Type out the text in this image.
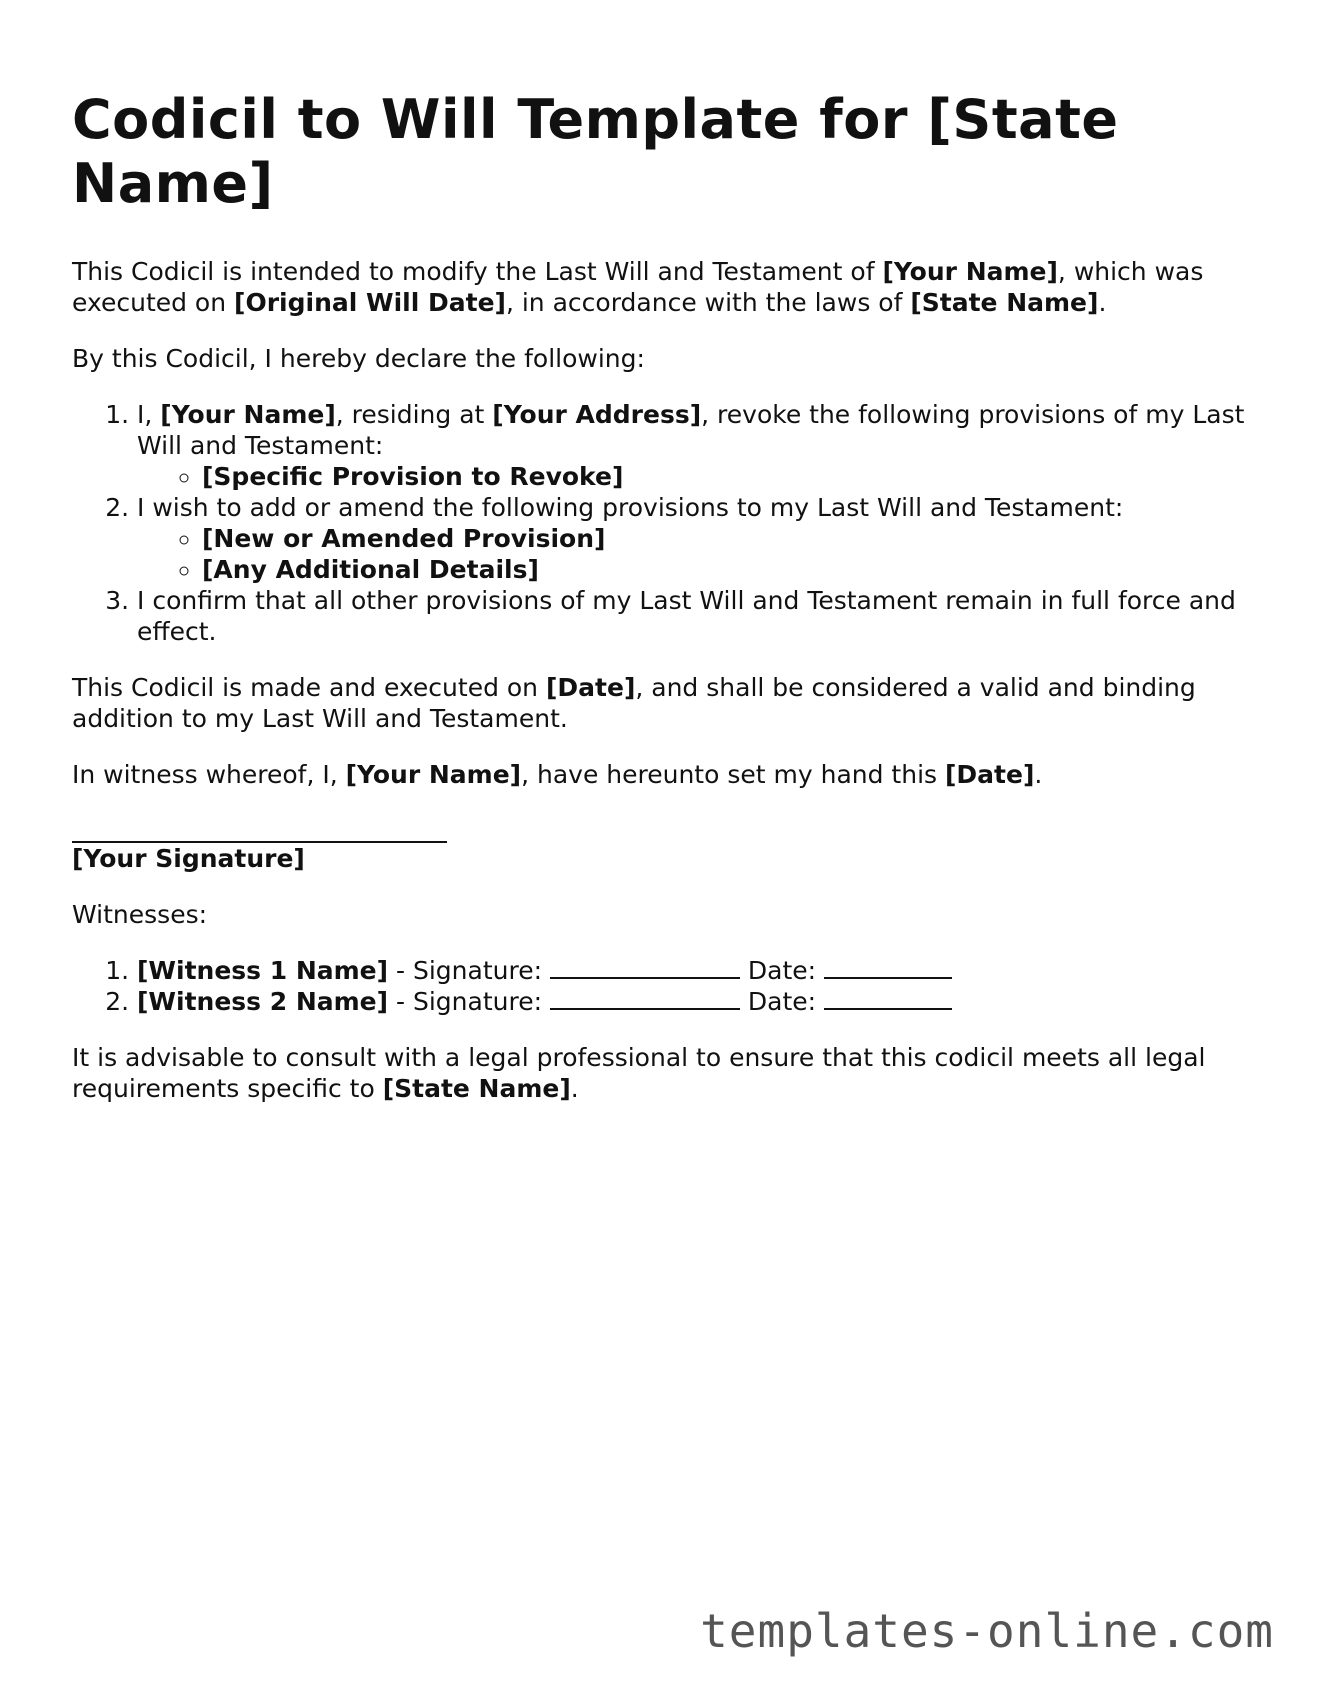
Codicil to Will Template for [State Name]

This Codicil is intended to modify the Last Will and Testament of [Your Name], which was executed on [Original Will Date], in accordance with the laws of [State Name].

By this Codicil, I hereby declare the following:

1. I, [Your Name], residing at [Your Address], revoke the following provisions of my Last Will and Testament:
◦ [Specific Provision to Revoke]
2. I wish to add or amend the following provisions to my Last Will and Testament:
◦ [New or Amended Provision]
◦ [Any Additional Details]
3. I confirm that all other provisions of my Last Will and Testament remain in full force and effect.

This Codicil is made and executed on [Date], and shall be considered a valid and binding addition to my Last Will and Testament.

In witness whereof, I, [Your Name], have hereunto set my hand this [Date].

[Your Signature]

Witnesses:

1. [Witness 1 Name] - Signature:	Date:
2. [Witness 2 Name] - Signature:	Date:

It is advisable to consult with a legal professional to ensure that this codicil meets all legal requirements specific to [State Name].

templates-online.com
